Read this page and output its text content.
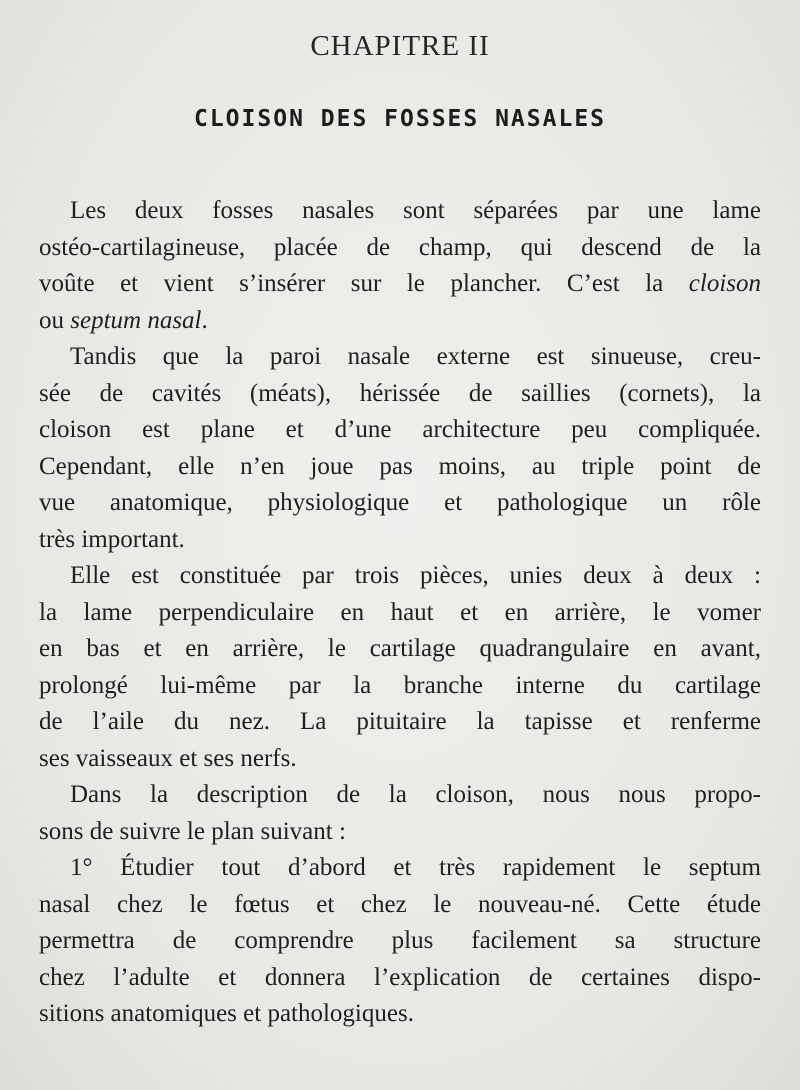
CHAPITRE II
CLOISON DES FOSSES NASALES
Les deux fosses nasales sont séparées par une lame
ostéo-cartilagineuse, placée de champ, qui descend de la
voûte et vient s’insérer sur le plancher. C’est la cloison
ou septum nasal.
Tandis que la paroi nasale externe est sinueuse, creu-
sée de cavités (méats), hérissée de saillies (cornets), la
cloison est plane et d’une architecture peu compliquée.
Cependant, elle n’en joue pas moins, au triple point de
vue anatomique, physiologique et pathologique un rôle
très important.
Elle est constituée par trois pièces, unies deux à deux :
la lame perpendiculaire en haut et en arrière, le vomer
en bas et en arrière, le cartilage quadrangulaire en avant,
prolongé lui-même par la branche interne du cartilage
de l’aile du nez. La pituitaire la tapisse et renferme
ses vaisseaux et ses nerfs.
Dans la description de la cloison, nous nous propo-
sons de suivre le plan suivant :
1° Étudier tout d’abord et très rapidement le septum
nasal chez le fœtus et chez le nouveau-né. Cette étude
permettra de comprendre plus facilement sa structure
chez l’adulte et donnera l’explication de certaines dispo-
sitions anatomiques et pathologiques.
